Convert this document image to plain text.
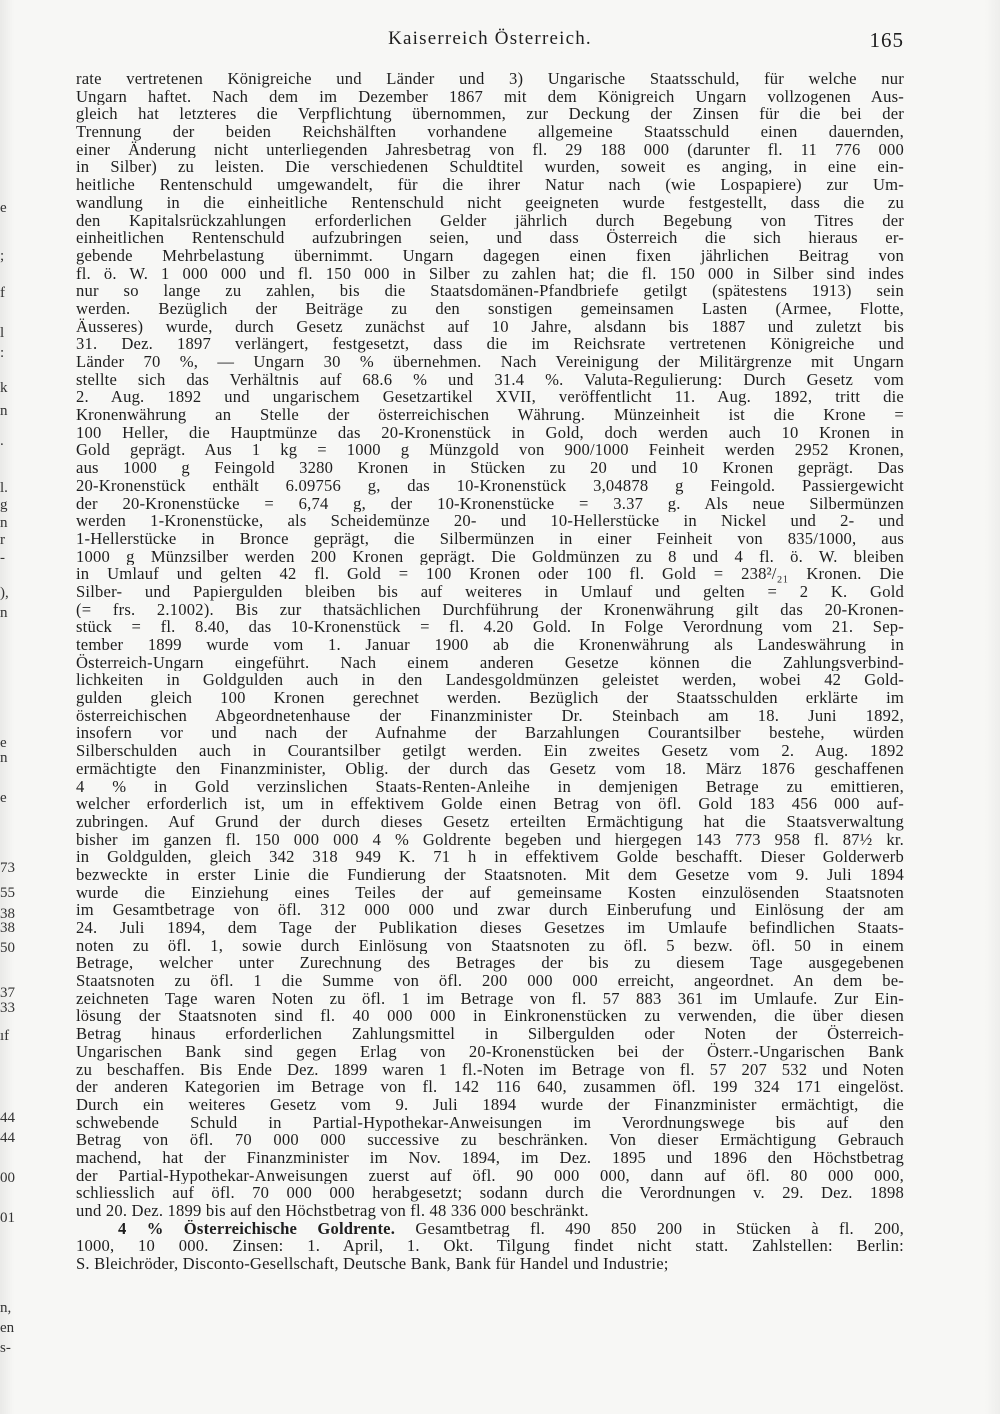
e
;
f
l
:
k
n
.
l.
g
n
r
-
),
n
e
n
e
73
55
38
38
50
37
33
ıf
44
44
00
01
n,
en
s-
Kaiserreich Österreich.	165
rate vertretenen Königreiche und Länder und 3) Ungarische Staatsschuld, für welche nur
Ungarn haftet. Nach dem im Dezember 1867 mit dem Königreich Ungarn vollzogenen Aus-
gleich hat letzteres die Verpflichtung übernommen, zur Deckung der Zinsen für die bei der
Trennung der beiden Reichshälften vorhandene allgemeine Staatsschuld einen dauernden,
einer Änderung nicht unterliegenden Jahresbetrag von fl. 29 188 000 (darunter fl. 11 776 000
in Silber) zu leisten. Die verschiedenen Schuldtitel wurden, soweit es anging, in eine ein-
heitliche Rentenschuld umgewandelt, für die ihrer Natur nach (wie Lospapiere) zur Um-
wandlung in die einheitliche Rentenschuld nicht geeigneten wurde festgestellt, dass die zu
den Kapitalsrückzahlungen erforderlichen Gelder jährlich durch Begebung von Titres der
einheitlichen Rentenschuld aufzubringen seien, und dass Österreich die sich hieraus er-
gebende Mehrbelastung übernimmt. Ungarn dagegen einen fixen jährlichen Beitrag von
fl. ö. W. 1 000 000 und fl. 150 000 in Silber zu zahlen hat; die fl. 150 000 in Silber sind indes
nur so lange zu zahlen, bis die Staatsdomänen-Pfandbriefe getilgt (spätestens 1913) sein
werden. Bezüglich der Beiträge zu den sonstigen gemeinsamen Lasten (Armee, Flotte,
Äusseres) wurde, durch Gesetz zunächst auf 10 Jahre, alsdann bis 1887 und zuletzt bis
31. Dez. 1897 verlängert, festgesetzt, dass die im Reichsrate vertretenen Königreiche und
Länder 70 %, — Ungarn 30 % übernehmen. Nach Vereinigung der Militärgrenze mit Ungarn
stellte sich das Verhältnis auf 68.6 % und 31.4 %. Valuta-Regulierung: Durch Gesetz vom
2. Aug. 1892 und ungarischem Gesetzartikel XVII, veröffentlicht 11. Aug. 1892, tritt die
Kronenwährung an Stelle der österreichischen Währung. Münzeinheit ist die Krone =
100 Heller, die Hauptmünze das 20-Kronenstück in Gold, doch werden auch 10 Kronen in
Gold geprägt. Aus 1 kg = 1000 g Münzgold von 900/1000 Feinheit werden 2952 Kronen,
aus 1000 g Feingold 3280 Kronen in Stücken zu 20 und 10 Kronen geprägt. Das
20-Kronenstück enthält 6.09756 g, das 10-Kronenstück 3,04878 g Feingold. Passiergewicht
der 20-Kronenstücke = 6,74 g, der 10-Kronenstücke = 3.37 g. Als neue Silbermünzen
werden 1-Kronenstücke, als Scheidemünze 20- und 10-Hellerstücke in Nickel und 2- und
1-Hellerstücke in Bronce geprägt, die Silbermünzen in einer Feinheit von 835/1000, aus
1000 g Münzsilber werden 200 Kronen geprägt. Die Goldmünzen zu 8 und 4 fl. ö. W. bleiben
in Umlauf und gelten 42 fl. Gold = 100 Kronen oder 100 fl. Gold = 238²/₂₁ Kronen. Die
Silber- und Papiergulden bleiben bis auf weiteres in Umlauf und gelten = 2 K. Gold
(= frs. 2.1002). Bis zur thatsächlichen Durchführung der Kronenwährung gilt das 20-Kronen-
stück = fl. 8.40, das 10-Kronenstück = fl. 4.20 Gold. In Folge Verordnung vom 21. Sep-
tember 1899 wurde vom 1. Januar 1900 ab die Kronenwährung als Landeswährung in
Österreich-Ungarn eingeführt. Nach einem anderen Gesetze können die Zahlungsverbind-
lichkeiten in Goldgulden auch in den Landesgoldmünzen geleistet werden, wobei 42 Gold-
gulden gleich 100 Kronen gerechnet werden. Bezüglich der Staatsschulden erklärte im
österreichischen Abgeordnetenhause der Finanzminister Dr. Steinbach am 18. Juni 1892,
insofern vor und nach der Aufnahme der Barzahlungen Courantsilber bestehe, würden
Silberschulden auch in Courantsilber getilgt werden. Ein zweites Gesetz vom 2. Aug. 1892
ermächtigte den Finanzminister, Oblig. der durch das Gesetz vom 18. März 1876 geschaffenen
4 % in Gold verzinslichen Staats-Renten-Anleihe in demjenigen Betrage zu emittieren,
welcher erforderlich ist, um in effektivem Golde einen Betrag von öfl. Gold 183 456 000 auf-
zubringen. Auf Grund der durch dieses Gesetz erteilten Ermächtigung hat die Staatsverwaltung
bisher im ganzen fl. 150 000 000 4 % Goldrente begeben und hiergegen 143 773 958 fl. 87½ kr.
in Goldgulden, gleich 342 318 949 K. 71 h in effektivem Golde beschafft. Dieser Golderwerb
bezweckte in erster Linie die Fundierung der Staatsnoten. Mit dem Gesetze vom 9. Juli 1894
wurde die Einziehung eines Teiles der auf gemeinsame Kosten einzulösenden Staatsnoten
im Gesamtbetrage von öfl. 312 000 000 und zwar durch Einberufung und Einlösung der am
24. Juli 1894, dem Tage der Publikation dieses Gesetzes im Umlaufe befindlichen Staats-
noten zu öfl. 1, sowie durch Einlösung von Staatsnoten zu öfl. 5 bezw. öfl. 50 in einem
Betrage, welcher unter Zurechnung des Betrages der bis zu diesem Tage ausgegebenen
Staatsnoten zu öfl. 1 die Summe von öfl. 200 000 000 erreicht, angeordnet. An dem be-
zeichneten Tage waren Noten zu öfl. 1 im Betrage von fl. 57 883 361 im Umlaufe. Zur Ein-
lösung der Staatsnoten sind fl. 40 000 000 in Einkronenstücken zu verwenden, die über diesen
Betrag hinaus erforderlichen Zahlungsmittel in Silbergulden oder Noten der Österreich-
Ungarischen Bank sind gegen Erlag von 20-Kronenstücken bei der Österr.-Ungarischen Bank
zu beschaffen. Bis Ende Dez. 1899 waren 1 fl.-Noten im Betrage von fl. 57 207 532 und Noten
der anderen Kategorien im Betrage von fl. 142 116 640, zusammen öfl. 199 324 171 eingelöst.
Durch ein weiteres Gesetz vom 9. Juli 1894 wurde der Finanzminister ermächtigt, die
schwebende Schuld in Partial-Hypothekar-Anweisungen im Verordnungswege bis auf den
Betrag von öfl. 70 000 000 successive zu beschränken. Von dieser Ermächtigung Gebrauch
machend, hat der Finanzminister im Nov. 1894, im Dez. 1895 und 1896 den Höchstbetrag
der Partial-Hypothekar-Anweisungen zuerst auf öfl. 90 000 000, dann auf öfl. 80 000 000,
schliesslich auf öfl. 70 000 000 herabgesetzt; sodann durch die Verordnungen v. 29. Dez. 1898
und 20. Dez. 1899 bis auf den Höchstbetrag von fl. 48 336 000 beschränkt.
4 % Österreichische Goldrente. Gesamtbetrag fl. 490 850 200 in Stücken à fl. 200,
1000, 10 000. Zinsen: 1. April, 1. Okt. Tilgung findet nicht statt. Zahlstellen: Berlin:
S. Bleichröder, Disconto-Gesellschaft, Deutsche Bank, Bank für Handel und Industrie;
